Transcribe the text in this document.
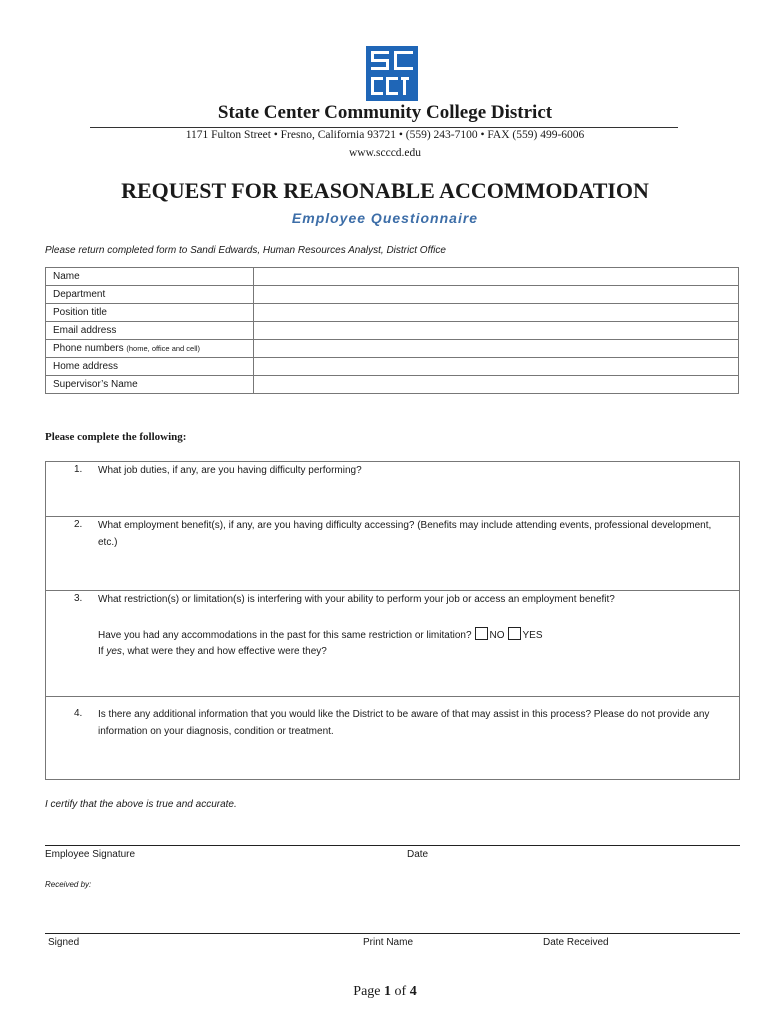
State Center Community College District
1171 Fulton Street • Fresno, California 93721 • (559) 243-7100 • FAX (559) 499-6006
www.scccd.edu
REQUEST FOR REASONABLE ACCOMMODATION
Employee Questionnaire
Please return completed form to Sandi Edwards, Human Resources Analyst, District Office
Name	
Department	
Position title	
Email address	
Phone numbers (home, office and cell)	
Home address	
Supervisor’s Name	
Please complete the following:
1. What job duties, if any, are you having difficulty performing?
2. What employment benefit(s), if any, are you having difficulty accessing? (Benefits may include attending events, professional development, etc.)
3. What restriction(s) or limitation(s) is interfering with your ability to perform your job or access an employment benefit?
Have you had any accommodations in the past for this same restriction or limitation? NO YES
If yes, what were they and how effective were they?
4. Is there any additional information that you would like the District to be aware of that may assist in this process? Please do not provide any information on your diagnosis, condition or treatment.
I certify that the above is true and accurate.
Employee Signature	Date
Received by:
Signed	Print Name	Date Received
Page 1 of 4
